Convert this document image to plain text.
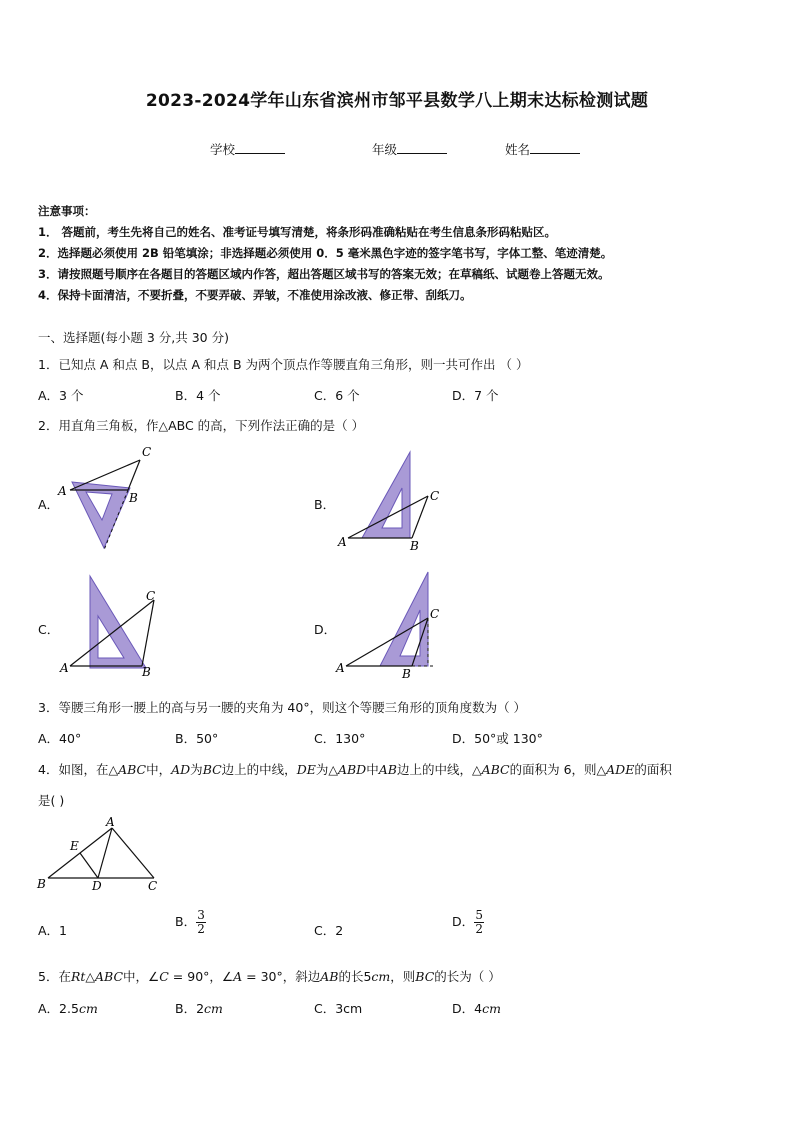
2023-2024学年山东省滨州市邹平县数学八上期末达标检测试题
学校	年级	姓名
注意事项：
1． 答题前，考生先将自己的姓名、准考证号填写清楚，将条形码准确粘贴在考生信息条形码粘贴区。
2．选择题必须使用 2B 铅笔填涂；非选择题必须使用 0．5 毫米黑色字迹的签字笔书写，字体工整、笔迹清楚。
3．请按照题号顺序在各题目的答题区域内作答，超出答题区域书写的答案无效；在草稿纸、试题卷上答题无效。
4．保持卡面清洁，不要折叠，不要弄破、弄皱，不准使用涂改液、修正带、刮纸刀。
一、选择题(每小题 3 分,共 30 分)
1．已知点 A 和点 B，以点 A 和点 B 为两个顶点作等腰直角三角形，则一共可作出 （ ）
A．3 个	B．4 个	C．6 个	D．7 个
2．用直角三角板，作△ABC 的高，下列作法正确的是（ ）
A．
A	B
C
B．
A	B
C
C．
A	B
C
D．
A	B
C
3．等腰三角形一腰上的高与另一腰的夹角为 40°，则这个等腰三角形的顶角度数为（ ）
A．40°	B．50°	C．130°	D．50°或 130°
4．如图，在△ABC中，AD为BC边上的中线，DE为△ABD中AB边上的中线，△ABC的面积为 6，则△ADE的面积
是( )
A
E
B	D	C
A．1
B． $\frac{3}{2}$	C．2
D． $\frac{5}{2}$
5．在Rt△ABC中，∠C = 90°，∠A = 30°，斜边AB的长5cm，则BC的长为（ ）
A．2.5cm	B．2cm	C．3cm	D．4cm
